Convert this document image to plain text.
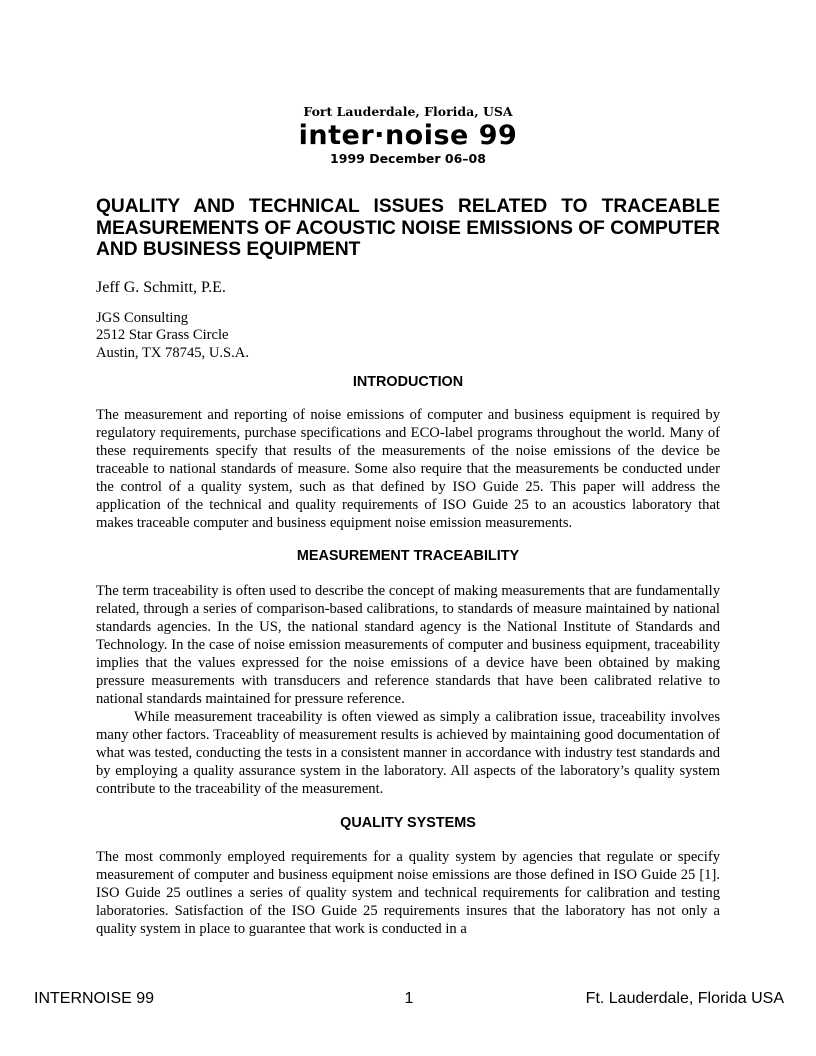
Fort Lauderdale, Florida, USA
inter·noise 99
1999 December 06–08
QUALITY AND TECHNICAL ISSUES RELATED TO TRACEABLE MEASUREMENTS OF ACOUSTIC NOISE EMISSIONS OF COMPUTER AND BUSINESS EQUIPMENT

Jeff G. Schmitt, P.E.

JGS Consulting
2512 Star Grass Circle
Austin, TX 78745, U.S.A.
INTRODUCTION

The measurement and reporting of noise emissions of computer and business equipment is required by regulatory requirements, purchase specifications and ECO-label programs throughout the world. Many of these requirements specify that results of the measurements of the noise emissions of the device be traceable to national standards of measure. Some also require that the measurements be conducted under the control of a quality system, such as that defined by ISO Guide 25. This paper will address the application of the technical and quality requirements of ISO Guide 25 to an acoustics laboratory that makes traceable computer and business equipment noise emission measurements.

MEASUREMENT TRACEABILITY

The term traceability is often used to describe the concept of making measurements that are fundamentally related, through a series of comparison-based calibrations, to standards of measure maintained by national standards agencies. In the US, the national standard agency is the National Institute of Standards and Technology. In the case of noise emission measurements of computer and business equipment, traceability implies that the values expressed for the noise emissions of a device have been obtained by making pressure measurements with transducers and reference standards that have been calibrated relative to national standards maintained for pressure reference.

While measurement traceability is often viewed as simply a calibration issue, traceability involves many other factors. Traceablity of measurement results is achieved by maintaining good documentation of what was tested, conducting the tests in a consistent manner in accordance with industry test standards and by employing a quality assurance system in the laboratory. All aspects of the laboratory’s quality system contribute to the traceability of the measurement.

QUALITY SYSTEMS

The most commonly employed requirements for a quality system by agencies that regulate or specify measurement of computer and business equipment noise emissions are those defined in ISO Guide 25 [1]. ISO Guide 25 outlines a series of quality system and technical requirements for calibration and testing laboratories. Satisfaction of the ISO Guide 25 requirements insures that the laboratory has not only a quality system in place to guarantee that work is conducted in a

INTERNOISE 99	1	Ft. Lauderdale, Florida USA
